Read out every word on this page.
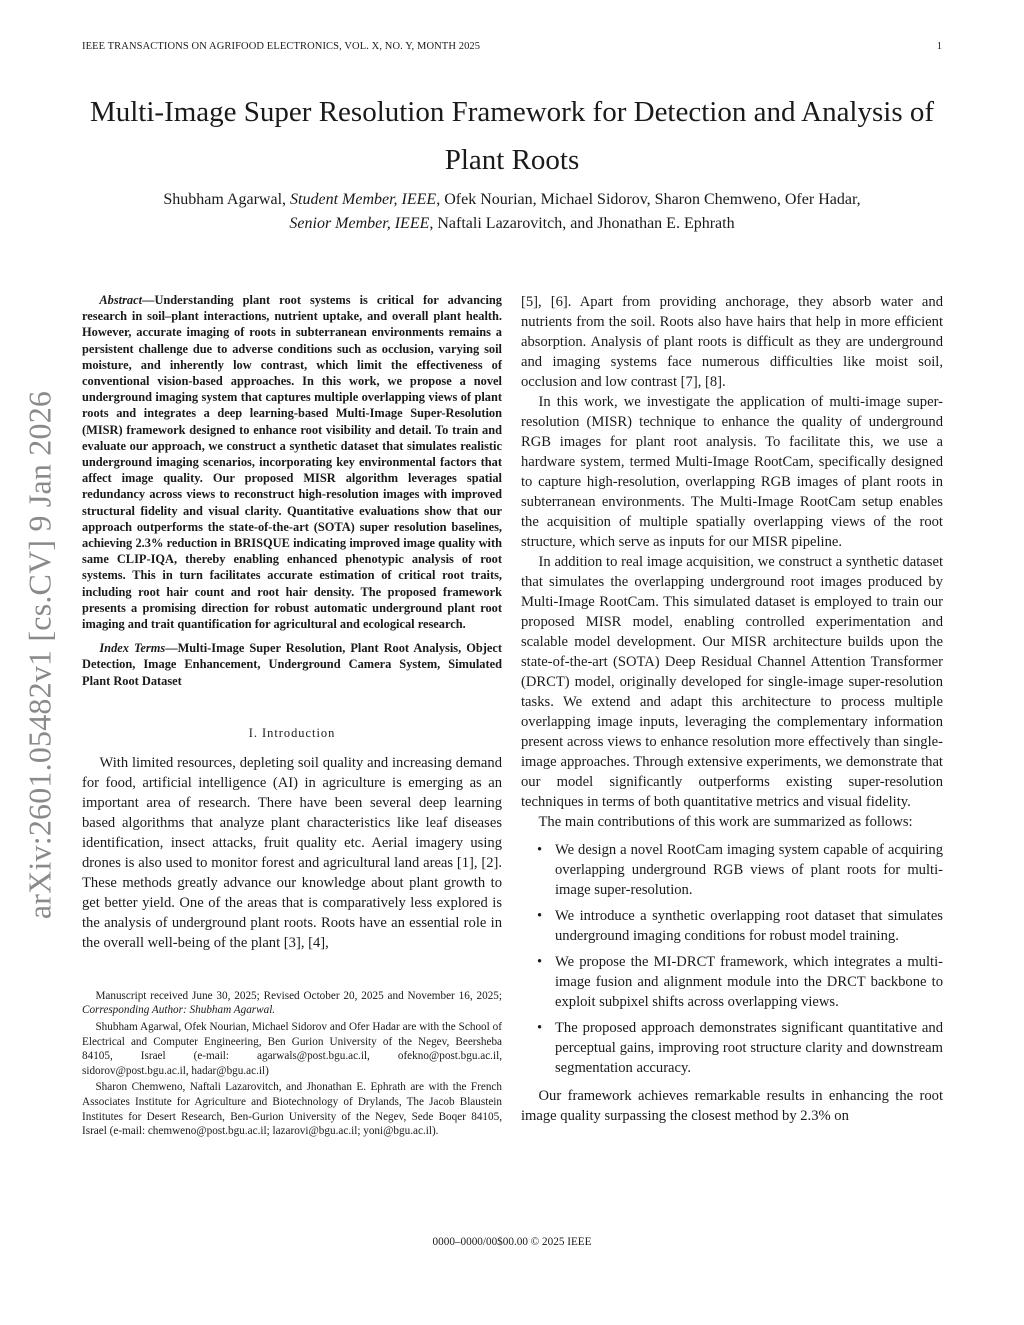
IEEE TRANSACTIONS ON AGRIFOOD ELECTRONICS, VOL. X, NO. Y, MONTH 2025	1
arXiv:2601.05482v1 [cs.CV] 9 Jan 2026
Multi-Image Super Resolution Framework for Detection and Analysis of Plant Roots
Shubham Agarwal, Student Member, IEEE, Ofek Nourian, Michael Sidorov, Sharon Chemweno, Ofer Hadar,
Senior Member, IEEE, Naftali Lazarovitch, and Jhonathan E. Ephrath

Abstract—Understanding plant root systems is critical for advancing research in soil–plant interactions, nutrient uptake, and overall plant health. However, accurate imaging of roots in subterranean environments remains a persistent challenge due to adverse conditions such as occlusion, varying soil moisture, and inherently low contrast, which limit the effectiveness of conventional vision-based approaches. In this work, we propose a novel underground imaging system that captures multiple overlapping views of plant roots and integrates a deep learning-based Multi-Image Super-Resolution (MISR) framework designed to enhance root visibility and detail. To train and evaluate our approach, we construct a synthetic dataset that simulates realistic underground imaging scenarios, incorporating key environmental factors that affect image quality. Our proposed MISR algorithm leverages spatial redundancy across views to reconstruct high-resolution images with improved structural fidelity and visual clarity. Quantitative evaluations show that our approach outperforms the state-of-the-art (SOTA) super resolution baselines, achieving 2.3% reduction in BRISQUE indicating improved image quality with same CLIP-IQA, thereby enabling enhanced phenotypic analysis of root systems. This in turn facilitates accurate estimation of critical root traits, including root hair count and root hair density. The proposed framework presents a promising direction for robust automatic underground plant root imaging and trait quantification for agricultural and ecological research.

Index Terms—Multi-Image Super Resolution, Plant Root Analysis, Object Detection, Image Enhancement, Underground Camera System, Simulated Plant Root Dataset

I. Introduction

With limited resources, depleting soil quality and increasing demand for food, artificial intelligence (AI) in agriculture is emerging as an important area of research. There have been several deep learning based algorithms that analyze plant characteristics like leaf diseases identification, insect attacks, fruit quality etc. Aerial imagery using drones is also used to monitor forest and agricultural land areas [1], [2]. These methods greatly advance our knowledge about plant growth to get better yield. One of the areas that is comparatively less explored is the analysis of underground plant roots. Roots have an essential role in the overall well-being of the plant [3], [4],

Manuscript received June 30, 2025; Revised October 20, 2025 and November 16, 2025; Corresponding Author: Shubham Agarwal.

Shubham Agarwal, Ofek Nourian, Michael Sidorov and Ofer Hadar are with the School of Electrical and Computer Engineering, Ben Gurion University of the Negev, Beersheba 84105, Israel (e-mail: agarwals@post.bgu.ac.il, ofekno@post.bgu.ac.il, sidorov@post.bgu.ac.il, hadar@bgu.ac.il)

Sharon Chemweno, Naftali Lazarovitch, and Jhonathan E. Ephrath are with the French Associates Institute for Agriculture and Biotechnology of Drylands, The Jacob Blaustein Institutes for Desert Research, Ben-Gurion University of the Negev, Sede Boqer 84105, Israel (e-mail: chemweno@post.bgu.ac.il; lazarovi@bgu.ac.il; yoni@bgu.ac.il).

[5], [6]. Apart from providing anchorage, they absorb water and nutrients from the soil. Roots also have hairs that help in more efficient absorption. Analysis of plant roots is difficult as they are underground and imaging systems face numerous difficulties like moist soil, occlusion and low contrast [7], [8].

In this work, we investigate the application of multi-image super-resolution (MISR) technique to enhance the quality of underground RGB images for plant root analysis. To facilitate this, we use a hardware system, termed Multi-Image RootCam, specifically designed to capture high-resolution, overlapping RGB images of plant roots in subterranean environments. The Multi-Image RootCam setup enables the acquisition of multiple spatially overlapping views of the root structure, which serve as inputs for our MISR pipeline.

In addition to real image acquisition, we construct a synthetic dataset that simulates the overlapping underground root images produced by Multi-Image RootCam. This simulated dataset is employed to train our proposed MISR model, enabling controlled experimentation and scalable model development. Our MISR architecture builds upon the state-of-the-art (SOTA) Deep Residual Channel Attention Transformer (DRCT) model, originally developed for single-image super-resolution tasks. We extend and adapt this architecture to process multiple overlapping image inputs, leveraging the complementary information present across views to enhance resolution more effectively than single-image approaches. Through extensive experiments, we demonstrate that our model significantly outperforms existing super-resolution techniques in terms of both quantitative metrics and visual fidelity.

The main contributions of this work are summarized as follows:

• We design a novel RootCam imaging system capable of acquiring overlapping underground RGB views of plant roots for multi-image super-resolution.
• We introduce a synthetic overlapping root dataset that simulates underground imaging conditions for robust model training.
• We propose the MI-DRCT framework, which integrates a multi-image fusion and alignment module into the DRCT backbone to exploit subpixel shifts across overlapping views.
• The proposed approach demonstrates significant quantitative and perceptual gains, improving root structure clarity and downstream segmentation accuracy.

Our framework achieves remarkable results in enhancing the root image quality surpassing the closest method by 2.3% on

0000–0000/00$00.00 © 2025 IEEE
